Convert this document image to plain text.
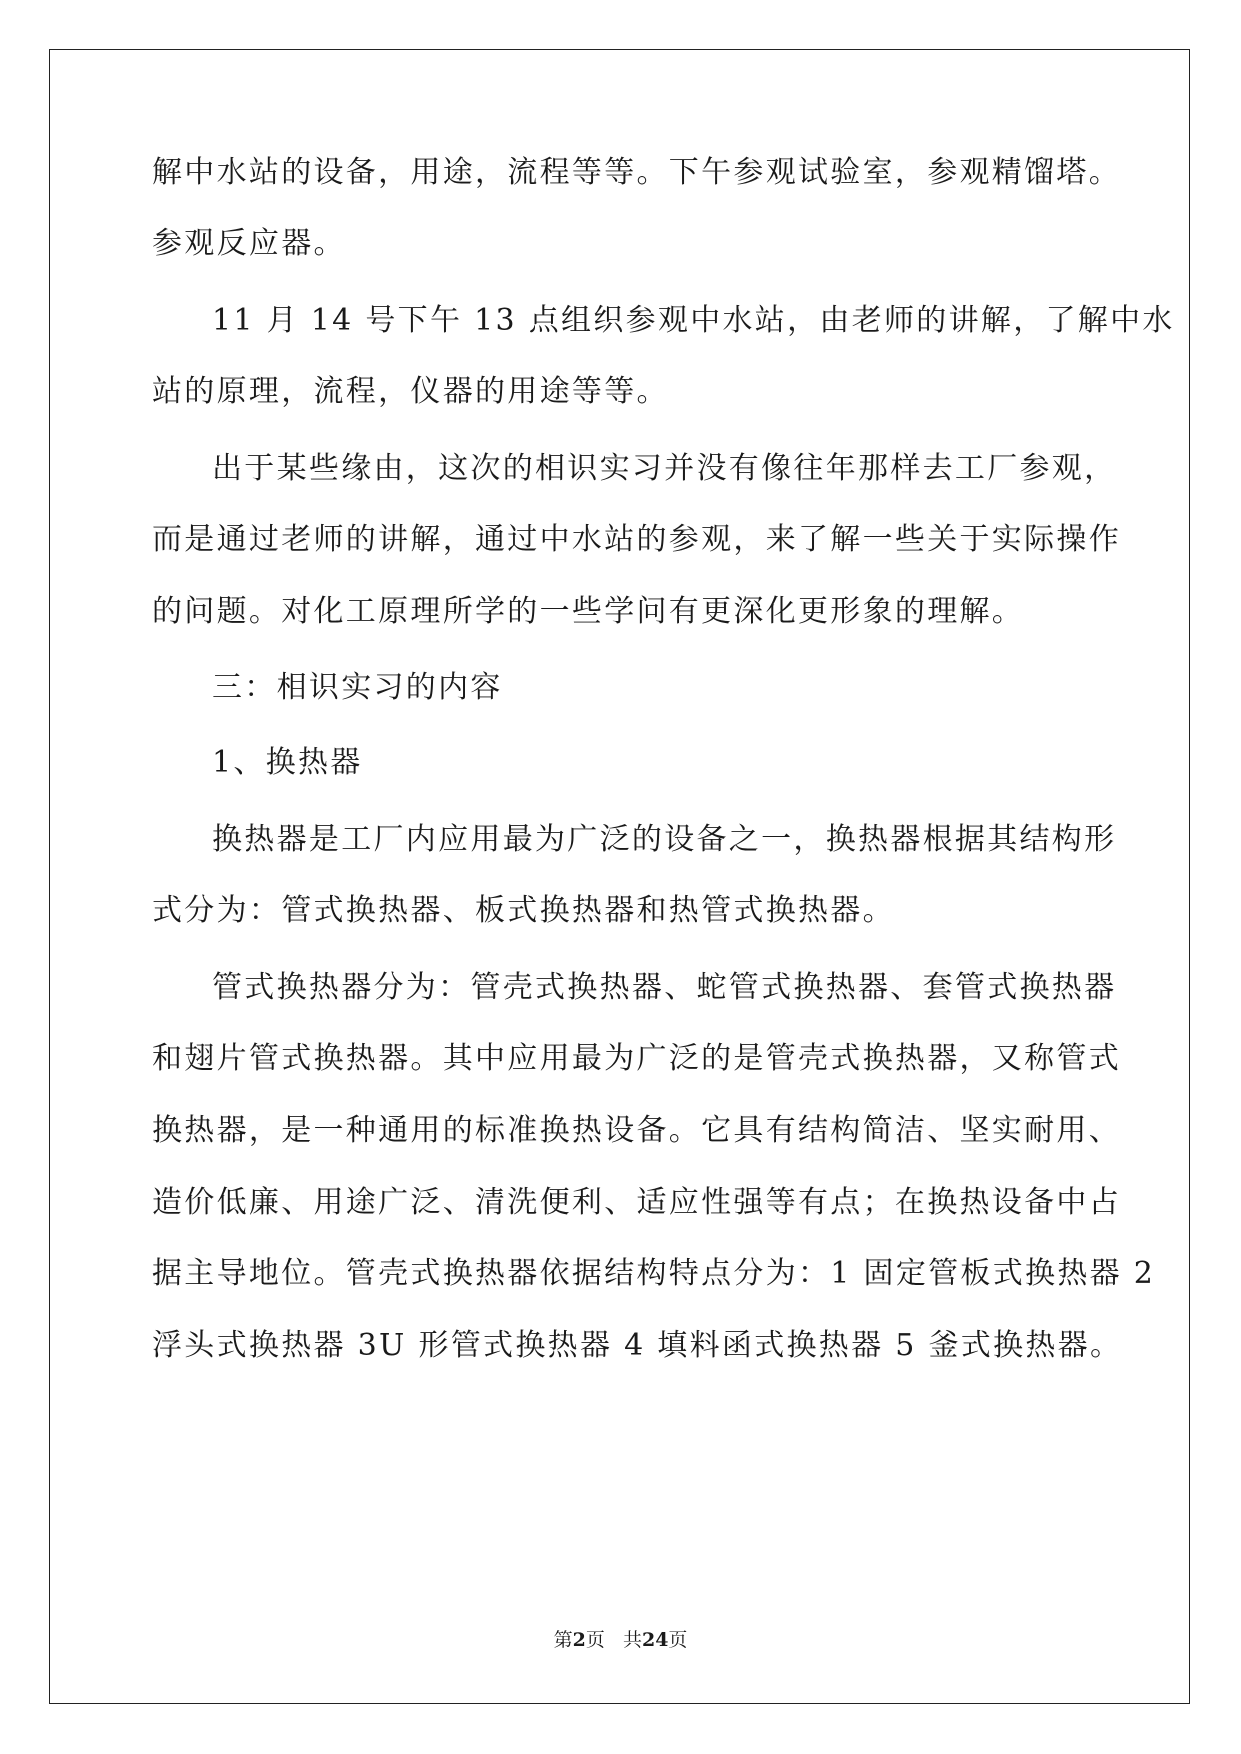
解中水站的设备，用途，流程等等。下午参观试验室，参观精馏塔。
参观反应器。
11 月 14 号下午 13 点组织参观中水站，由老师的讲解，了解中水
站的原理，流程，仪器的用途等等。
出于某些缘由，这次的相识实习并没有像往年那样去工厂参观，
而是通过老师的讲解，通过中水站的参观，来了解一些关于实际操作
的问题。对化工原理所学的一些学问有更深化更形象的理解。
三：相识实习的内容
1、换热器
换热器是工厂内应用最为广泛的设备之一，换热器根据其结构形
式分为：管式换热器、板式换热器和热管式换热器。
管式换热器分为：管壳式换热器、蛇管式换热器、套管式换热器
和翅片管式换热器。其中应用最为广泛的是管壳式换热器，又称管式
换热器，是一种通用的标准换热设备。它具有结构简洁、坚实耐用、
造价低廉、用途广泛、清洗便利、适应性强等有点；在换热设备中占
据主导地位。管壳式换热器依据结构特点分为：1 固定管板式换热器 2
浮头式换热器 3U 形管式换热器 4 填料函式换热器 5 釜式换热器。
第2页 共24页
